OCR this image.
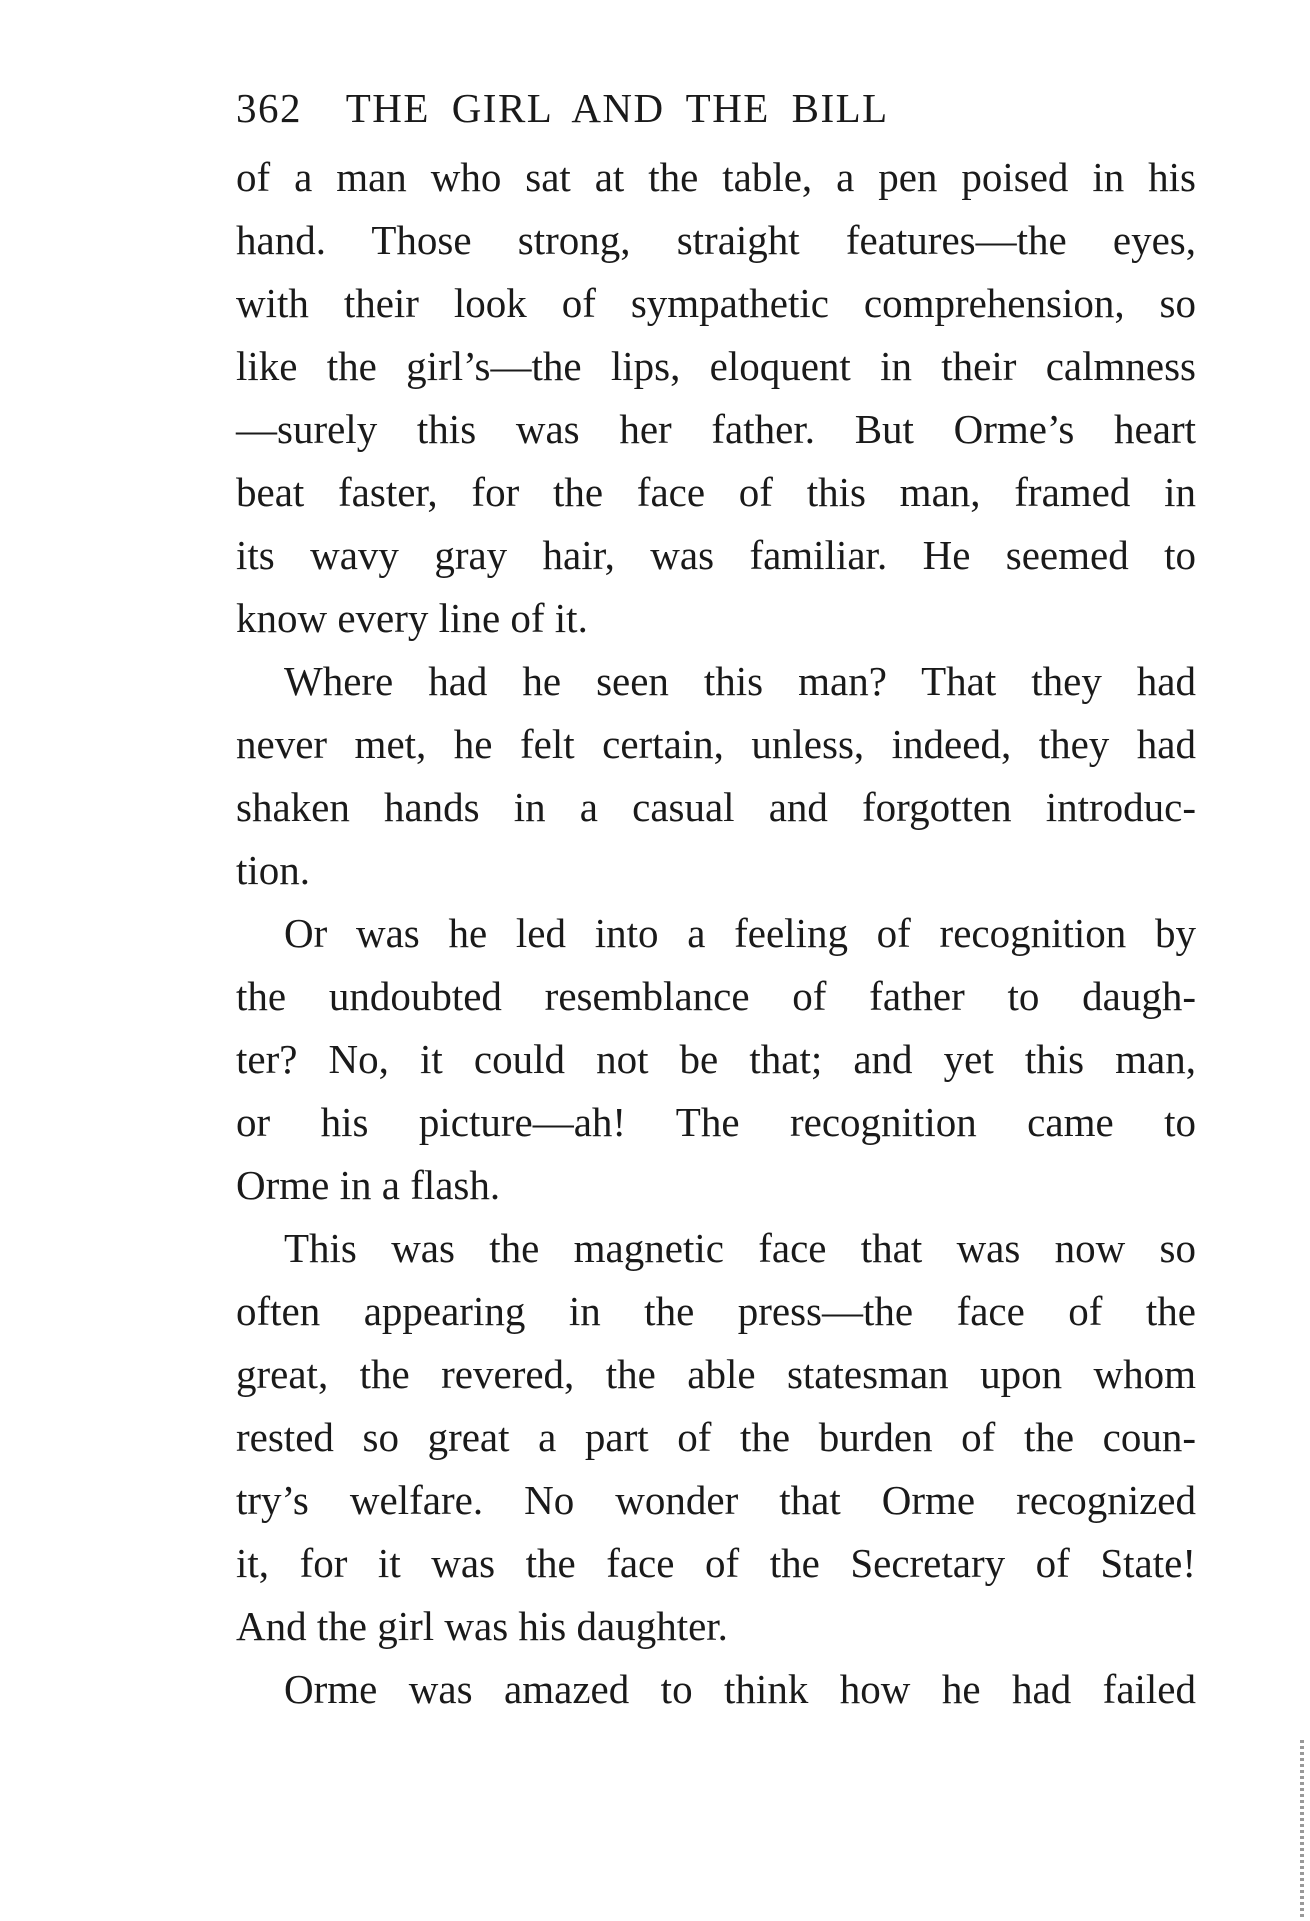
362 THE GIRL AND THE BILL
of a man who sat at the table, a pen poised in his
hand. Those strong, straight features—the eyes,
with their look of sympathetic comprehension, so
like the girl’s—the lips, eloquent in their calmness
—surely this was her father. But Orme’s heart
beat faster, for the face of this man, framed in
its wavy gray hair, was familiar. He seemed to
know every line of it.
Where had he seen this man? That they had
never met, he felt certain, unless, indeed, they had
shaken hands in a casual and forgotten introduc-
tion.
Or was he led into a feeling of recognition by
the undoubted resemblance of father to daugh-
ter? No, it could not be that; and yet this man,
or his picture—ah! The recognition came to
Orme in a flash.
This was the magnetic face that was now so
often appearing in the press—the face of the
great, the revered, the able statesman upon whom
rested so great a part of the burden of the coun-
try’s welfare. No wonder that Orme recognized
it, for it was the face of the Secretary of State!
And the girl was his daughter.
Orme was amazed to think how he had failed
